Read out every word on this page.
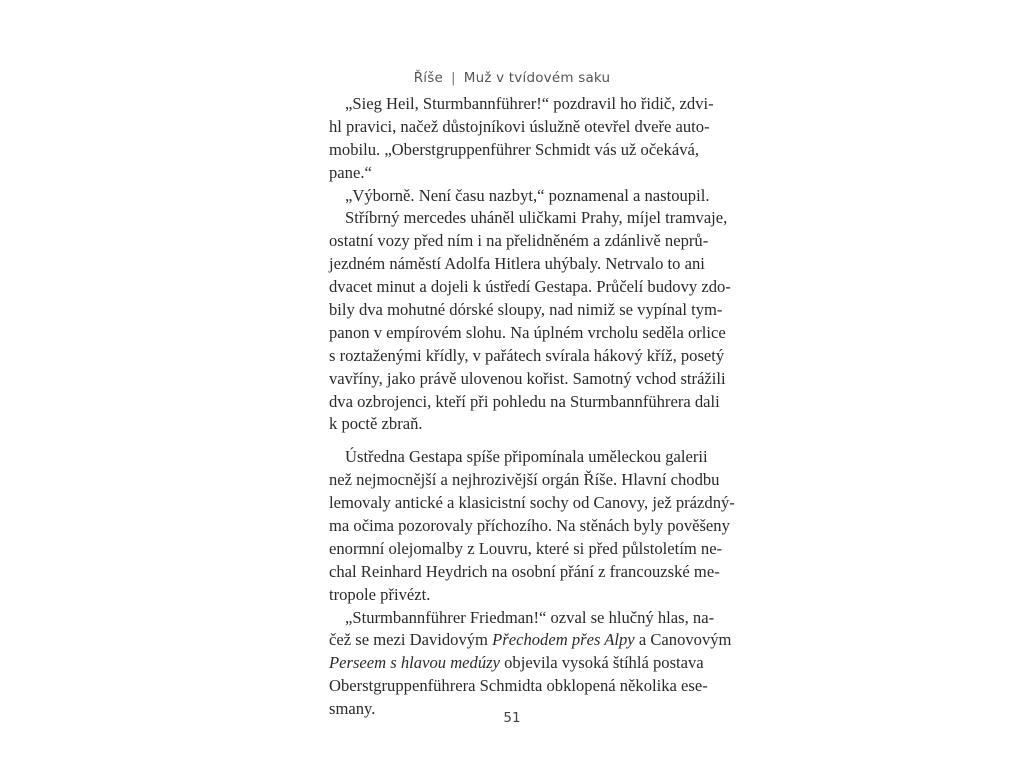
Říše | Muž v tvídovém saku
„Sieg Heil, Sturmbannführer!“ pozdravil ho řidič, zdvi-
hl pravici, načež důstojníkovi úslužně otevřel dveře auto-
mobilu. „Oberstgruppenführer Schmidt vás už očekává,
pane.“
„Výborně. Není času nazbyt,“ poznamenal a nastoupil.
Stříbrný mercedes uháněl uličkami Prahy, míjel tramvaje,
ostatní vozy před ním i na přelidněném a zdánlivě neprů-
jezdném náměstí Adolfa Hitlera uhýbaly. Netrvalo to ani
dvacet minut a dojeli k ústředí Gestapa. Průčelí budovy zdo-
bily dva mohutné dórské sloupy, nad nimiž se vypínal tym-
panon v empírovém slohu. Na úplném vrcholu seděla orlice
s roztaženými křídly, v pařátech svírala hákový kříž, posetý
vavříny, jako právě ulovenou kořist. Samotný vchod strážili
dva ozbrojenci, kteří při pohledu na Sturmbannführera dali
k poctě zbraň.
Ústředna Gestapa spíše připomínala uměleckou galerii
než nejmocnější a nejhrozivější orgán Říše. Hlavní chodbu
lemovaly antické a klasicistní sochy od Canovy, jež prázdný-
ma očima pozorovaly příchozího. Na stěnách byly pověšeny
enormní olejomalby z Louvru, které si před půlstoletím ne-
chal Reinhard Heydrich na osobní přání z francouzské me-
tropole přivézt.
„Sturmbannführer Friedman!“ ozval se hlučný hlas, na-
čež se mezi Davidovým Přechodem přes Alpy a Canovovým
Perseem s hlavou medúzy objevila vysoká štíhlá postava
Oberstgruppenführera Schmidta obklopená několika ese-
smany.	51
